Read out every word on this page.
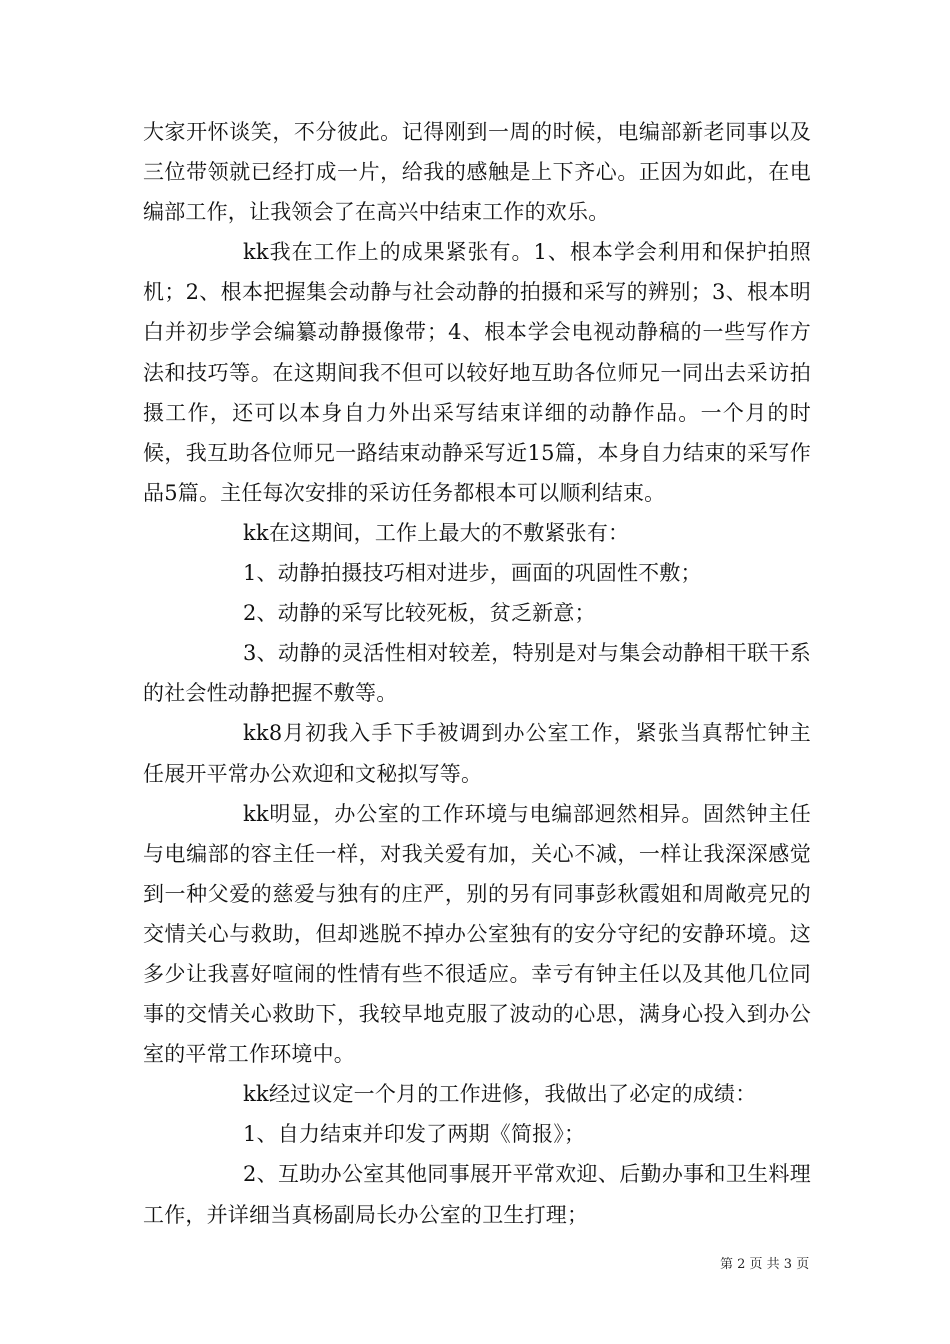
大家开怀谈笑，不分彼此。记得刚到一周的时候，电编部新老同事以及三位带领就已经打成一片，给我的感触是上下齐心。正因为如此，在电编部工作，让我领会了在高兴中结束工作的欢乐。

kk我在工作上的成果紧张有。1、根本学会利用和保护拍照机；2、根本把握集会动静与社会动静的拍摄和采写的辨别；3、根本明白并初步学会编纂动静摄像带；4、根本学会电视动静稿的一些写作方法和技巧等。在这期间我不但可以较好地互助各位师兄一同出去采访拍摄工作，还可以本身自力外出采写结束详细的动静作品。一个月的时候，我互助各位师兄一路结束动静采写近15篇，本身自力结束的采写作品5篇。主任每次安排的采访任务都根本可以顺利结束。

kk在这期间，工作上最大的不敷紧张有：

1、动静拍摄技巧相对进步，画面的巩固性不敷；

2、动静的采写比较死板，贫乏新意；

3、动静的灵活性相对较差，特别是对与集会动静相干联干系的社会性动静把握不敷等。

kk8月初我入手下手被调到办公室工作，紧张当真帮忙钟主任展开平常办公欢迎和文秘拟写等。

kk明显，办公室的工作环境与电编部迥然相异。固然钟主任与电编部的容主任一样，对我关爱有加，关心不减，一样让我深深感觉到一种父爱的慈爱与独有的庄严，别的另有同事彭秋霞姐和周敞亮兄的交情关心与救助，但却逃脱不掉办公室独有的安分守纪的安静环境。这多少让我喜好喧闹的性情有些不很适应。幸亏有钟主任以及其他几位同事的交情关心救助下，我较早地克服了波动的心思，满身心投入到办公室的平常工作环境中。

kk经过议定一个月的工作进修，我做出了必定的成绩：

1、自力结束并印发了两期《简报》；

2、互助办公室其他同事展开平常欢迎、后勤办事和卫生料理工作，并详细当真杨副局长办公室的卫生打理；

第 2 页 共 3 页
